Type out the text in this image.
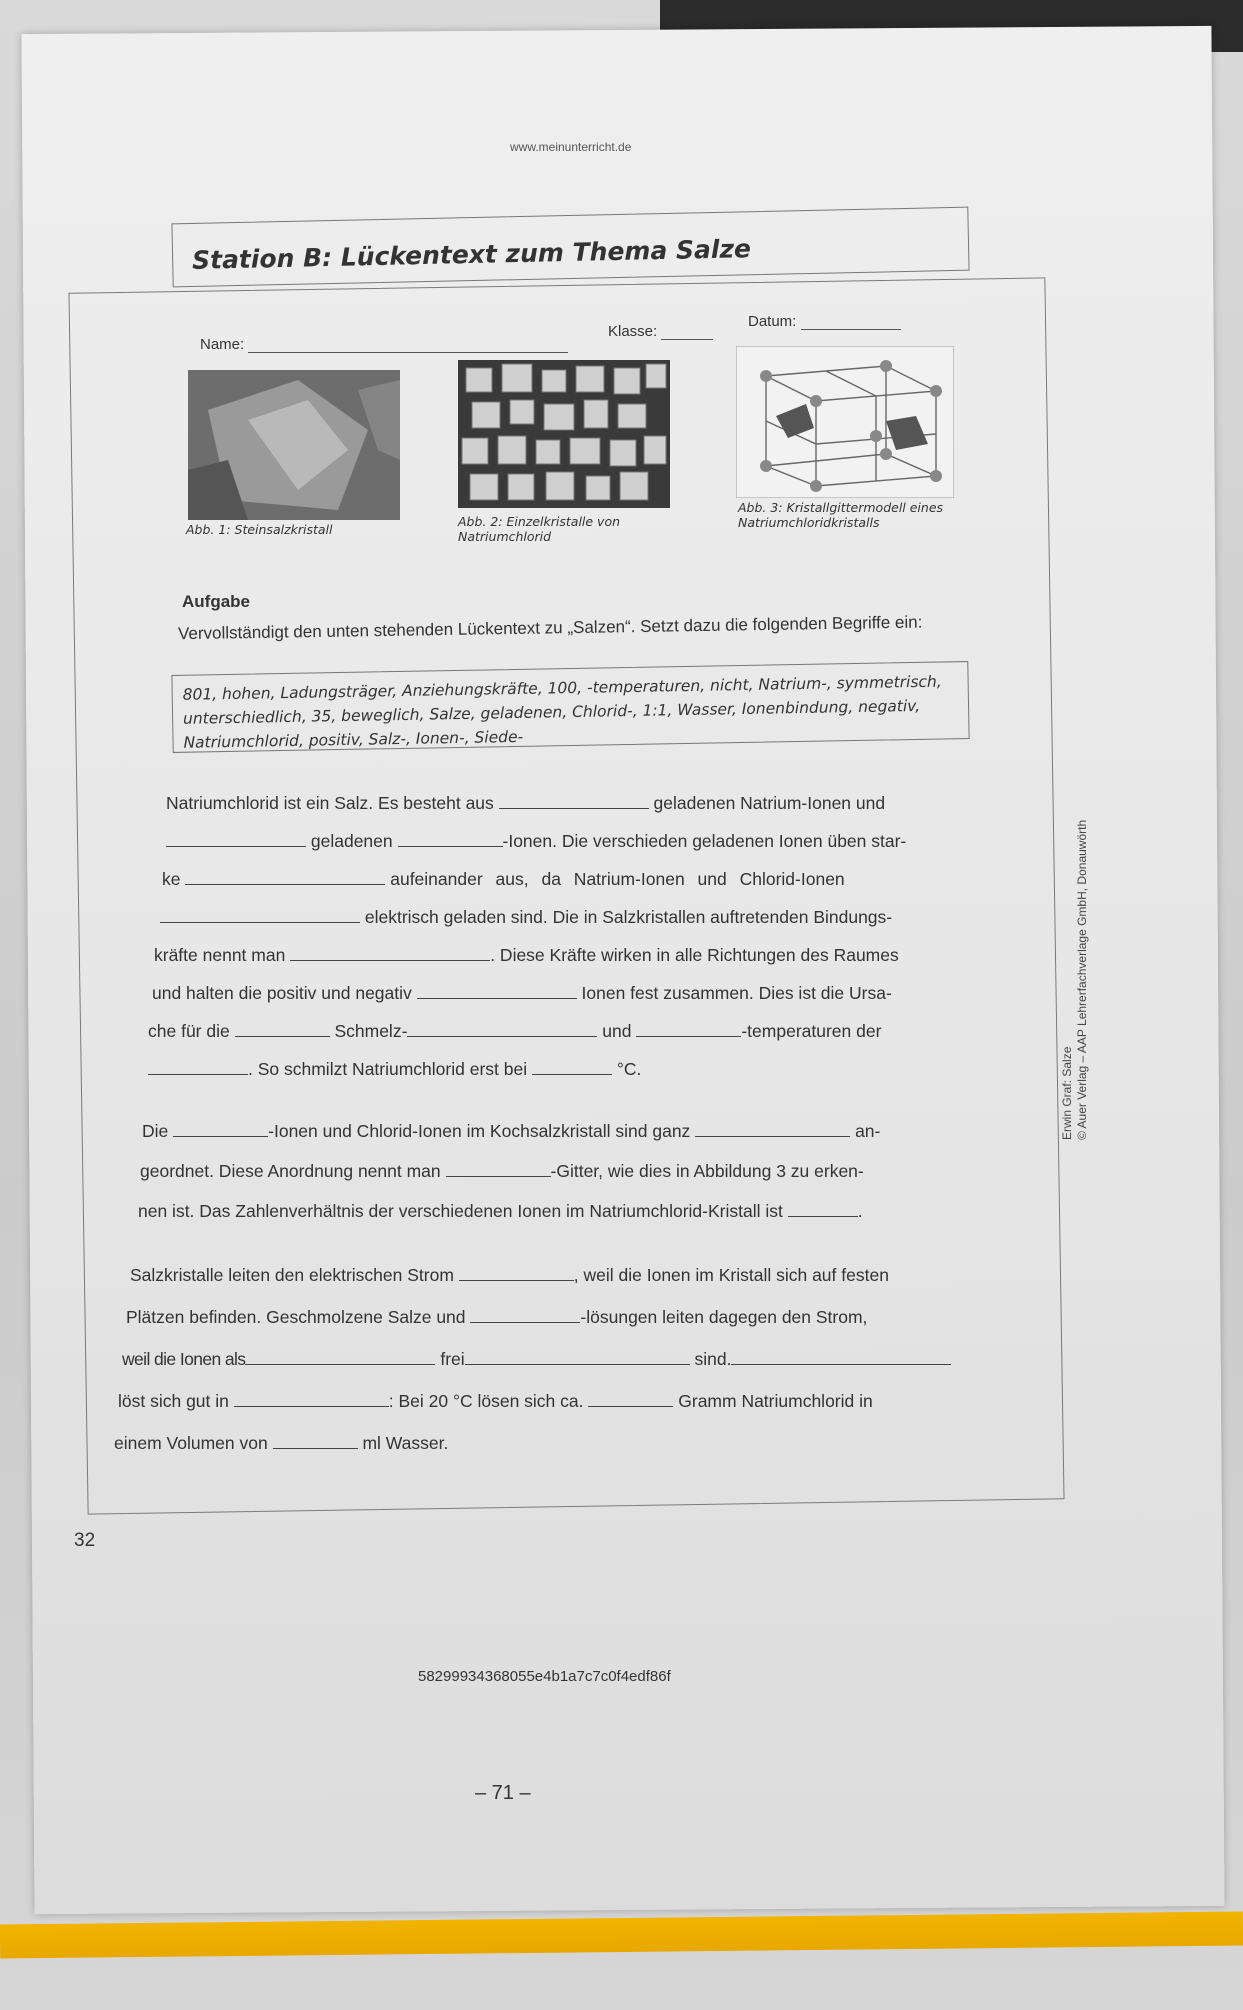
www.meinunterricht.de
Station B: Lückentext zum Thema Salze
Name:
Klasse:
Datum:
Abb. 1: Steinsalzkristall
Abb. 2: Einzelkristalle von
Natriumchlorid
Abb. 3: Kristallgittermodell eines
Natriumchloridkristalls
Aufgabe
Vervollständigt den unten stehenden Lückentext zu „Salzen“. Setzt dazu die folgenden Begriffe ein:
801, hohen, Ladungsträger, Anziehungskräfte, 100, -temperaturen, nicht, Natrium-, symmetrisch, unterschiedlich, 35, beweglich, Salze, geladenen, Chlorid-, 1:1, Wasser, Ionenbindung, negativ, Natriumchlorid, positiv, Salz-, Ionen-, Siede-
Natriumchlorid ist ein Salz. Es besteht aus	geladenen Natrium-Ionen und
geladenen	-Ionen. Die verschieden geladenen Ionen üben star-
ke	aufeinander aus, da Natrium-Ionen und Chlorid-Ionen
elektrisch geladen sind. Die in Salzkristallen auftretenden Bindungs-
kräfte nennt man	. Diese Kräfte wirken in alle Richtungen des Raumes
und halten die positiv und negativ	Ionen fest zusammen. Dies ist die Ursa-
che für die	Schmelz-	und	-temperaturen der
. So schmilzt Natriumchlorid erst bei	°C.
Die	-Ionen und Chlorid-Ionen im Kochsalzkristall sind ganz	an-
geordnet. Diese Anordnung nennt man	-Gitter, wie dies in Abbildung 3 zu erken-
nen ist. Das Zahlenverhältnis der verschiedenen Ionen im Natriumchlorid-Kristall ist	.
Salzkristalle leiten den elektrischen Strom	, weil die Ionen im Kristall sich auf festen
Plätzen befinden. Geschmolzene Salze und	-lösungen leiten dagegen den Strom,
weil die Ionen als	frei	sind.
löst sich gut in	: Bei 20 °C lösen sich ca.	Gramm Natriumchlorid in
einem Volumen von	ml Wasser.
Erwin Graf: Salze © Auer Verlag – AAP Lehrerfachverlage GmbH, Donauwörth
32
58299934368055e4b1a7c7c0f4edf86f
– 71 –
